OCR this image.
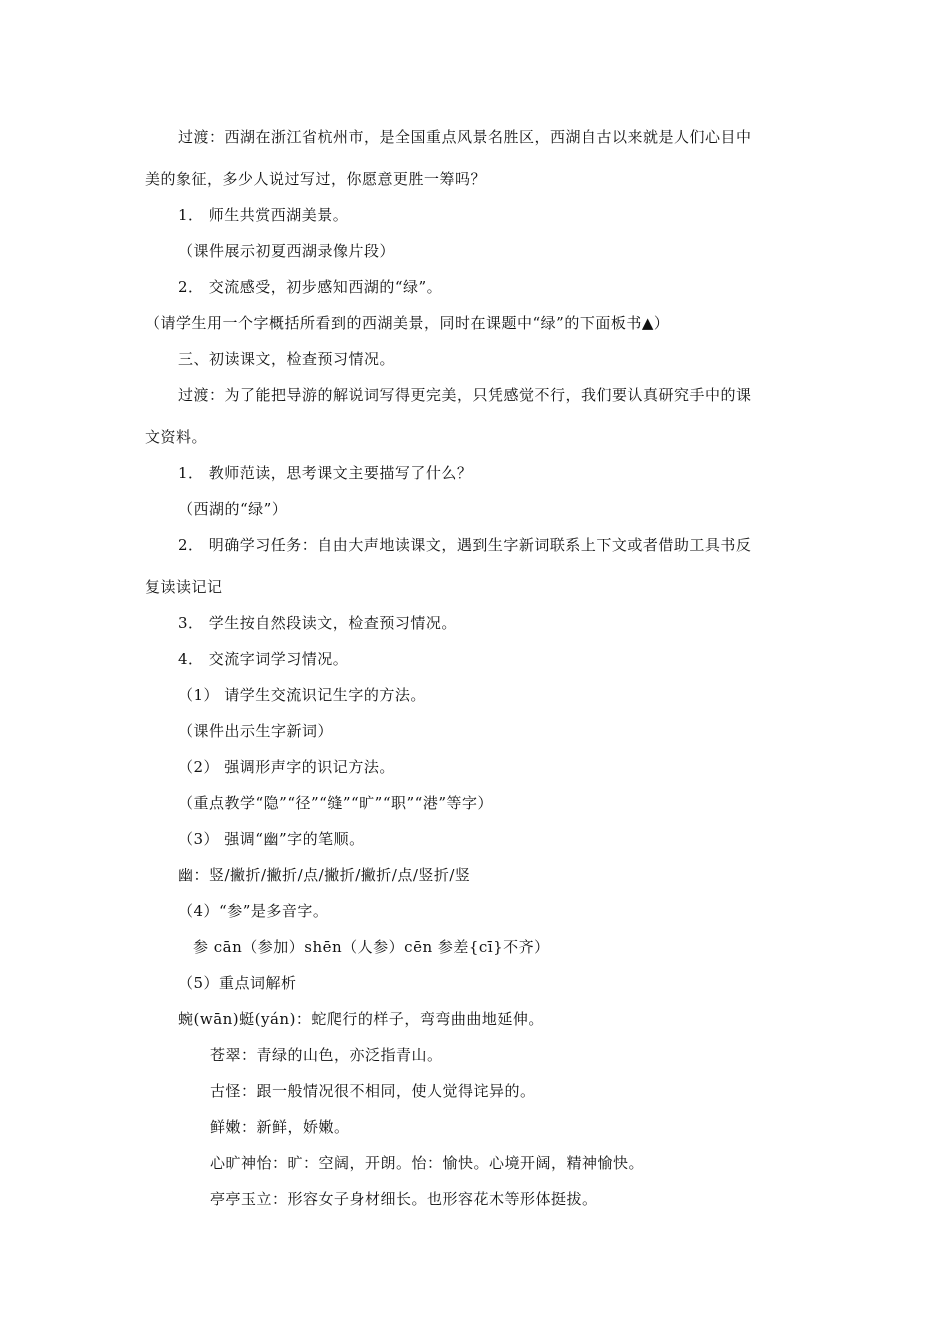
过渡：西湖在浙江省杭州市，是全国重点风景名胜区，西湖自古以来就是人们心目中
美的象征，多少人说过写过，你愿意更胜一筹吗？
1． 师生共赏西湖美景。
（课件展示初夏西湖录像片段）
2． 交流感受，初步感知西湖的“绿”。
（请学生用一个字概括所看到的西湖美景，同时在课题中“绿”的下面板书▲）
三、初读课文，检查预习情况。
过渡：为了能把导游的解说词写得更完美，只凭感觉不行，我们要认真研究手中的课
文资料。
1． 教师范读，思考课文主要描写了什么？
（西湖的“绿”）
2． 明确学习任务：自由大声地读课文，遇到生字新词联系上下文或者借助工具书反
复读读记记
3． 学生按自然段读文，检查预习情况。
4． 交流字词学习情况。
（1） 请学生交流识记生字的方法。
（课件出示生字新词）
（2） 强调形声字的识记方法。
（重点教学“隐”“径”“缝”“旷”“职”“港”等字）
（3） 强调“幽”字的笔顺。
幽：竖/撇折/撇折/点/撇折/撇折/点/竖折/竖
（4）“参”是多音字。
参 cān（参加）shēn（人参）cēn 参差{cī}不齐）
（5）重点词解析
蜿(wān)蜓(yán)：蛇爬行的样子，弯弯曲曲地延伸。
苍翠：青绿的山色，亦泛指青山。
古怪：跟一般情况很不相同，使人觉得诧异的。
鲜嫩：新鲜，娇嫩。
心旷神怡：旷：空阔，开朗。怡：愉快。心境开阔，精神愉快。
亭亭玉立：形容女子身材细长。也形容花木等形体挺拔。
